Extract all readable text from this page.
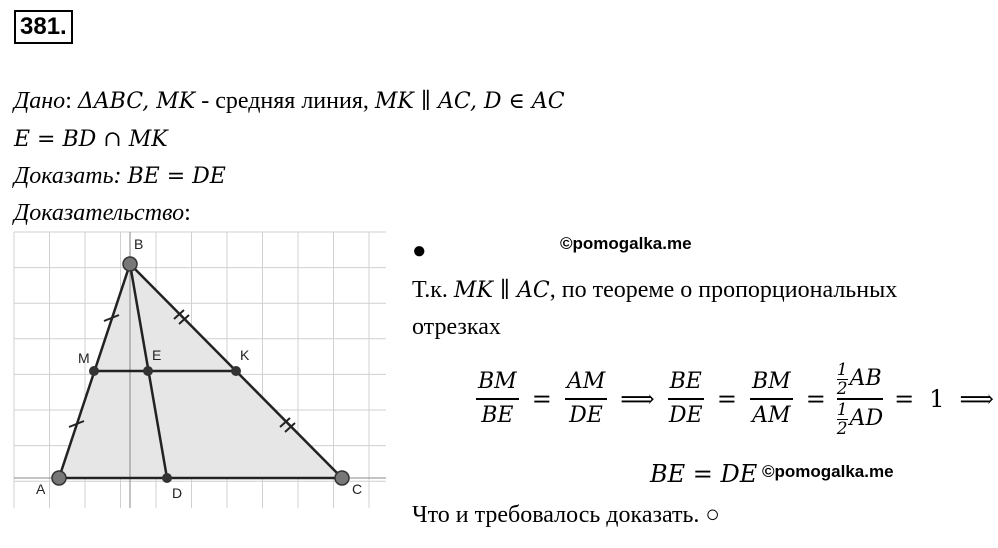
381.
Дано: ΔABC, MK - средняя линия, MK ∥ AC, D ∈ AC
E = BD ∩ MK
Доказать: BE = DE
Доказательство:
B
A	C
D
M	E	K
●	©pomogalka.me
Т.к. MK ∥ AC, по теореме о пропорциональных
отрезках
$\frac{BM}{BE} = \frac{AM}{DE}$ ⟹ $\frac{BE}{DE} = \frac{BM}{AM} = \frac{\frac{1}{2} AB}{\frac{1}{2} AD} = 1$ ⟹
BE = DE ©pomogalka.me
Что и требовалось доказать. ○
